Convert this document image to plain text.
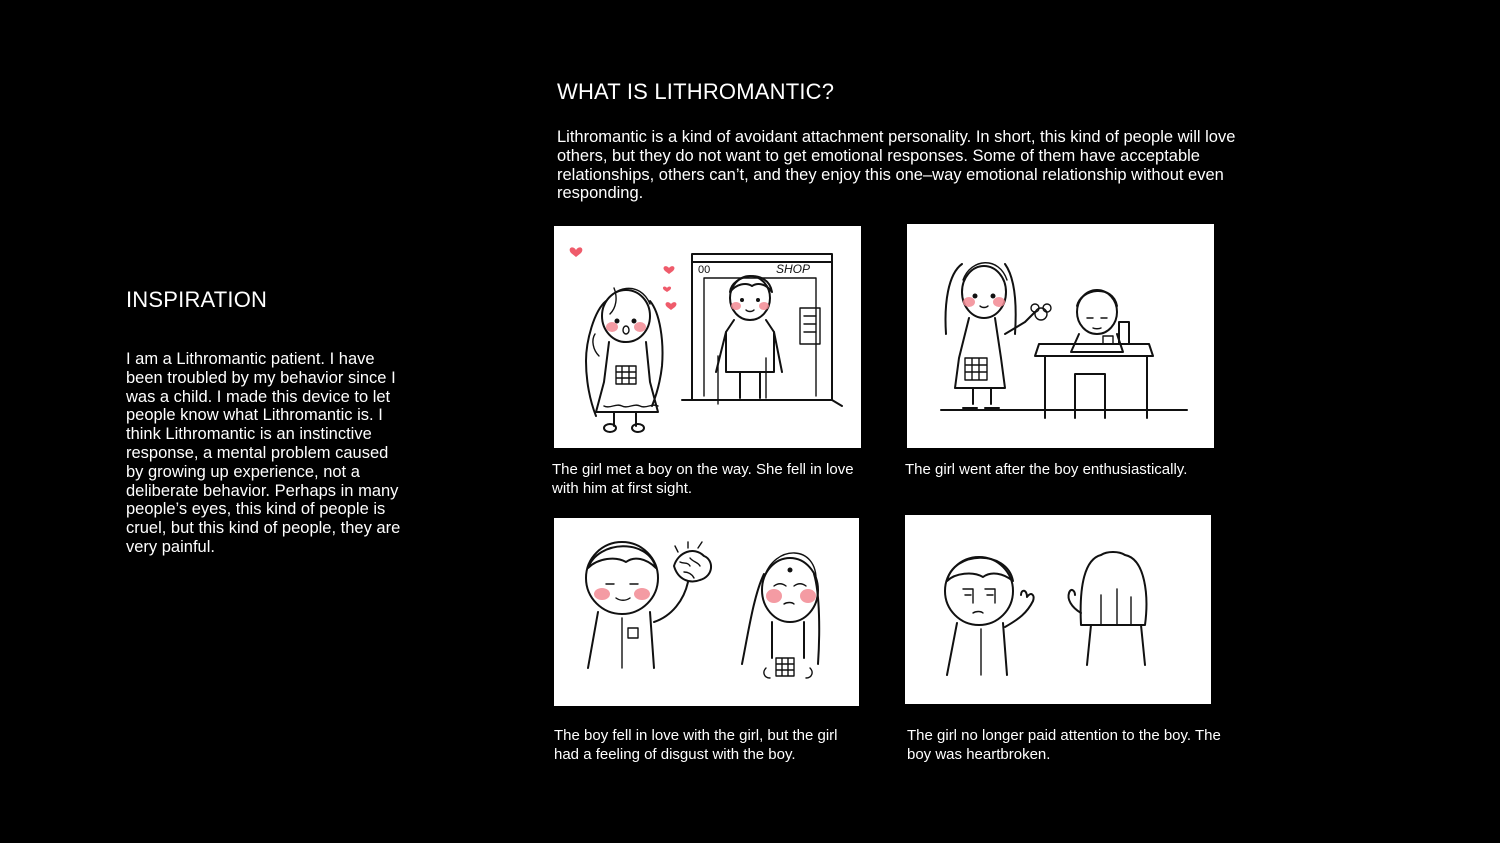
INSPIRATION

I am a Lithromantic patient. I have been troubled by my behavior since I was a child. I made this device to let people know what Lithromantic is. I think Lithromantic is an instinctive response, a mental problem caused by growing up experience, not a deliberate behavior. Perhaps in many people’s eyes, this kind of people is cruel, but this kind of people, they are very painful.

WHAT IS LITHROMANTIC?

Lithromantic is a kind of avoidant attachment personality. In short, this kind of people will love others, but they do not want to get emotional responses. Some of them have acceptable relationships, others can’t, and they enjoy this one–way emotional relationship without even responding.

SHOP
00

The girl met a boy on the way. She fell in love with him at first sight.

The girl went after the boy enthusiastically.

The boy fell in love with the girl, but the girl had a feeling of disgust with the boy.

The girl no longer paid attention to the boy. The boy was heartbroken.
